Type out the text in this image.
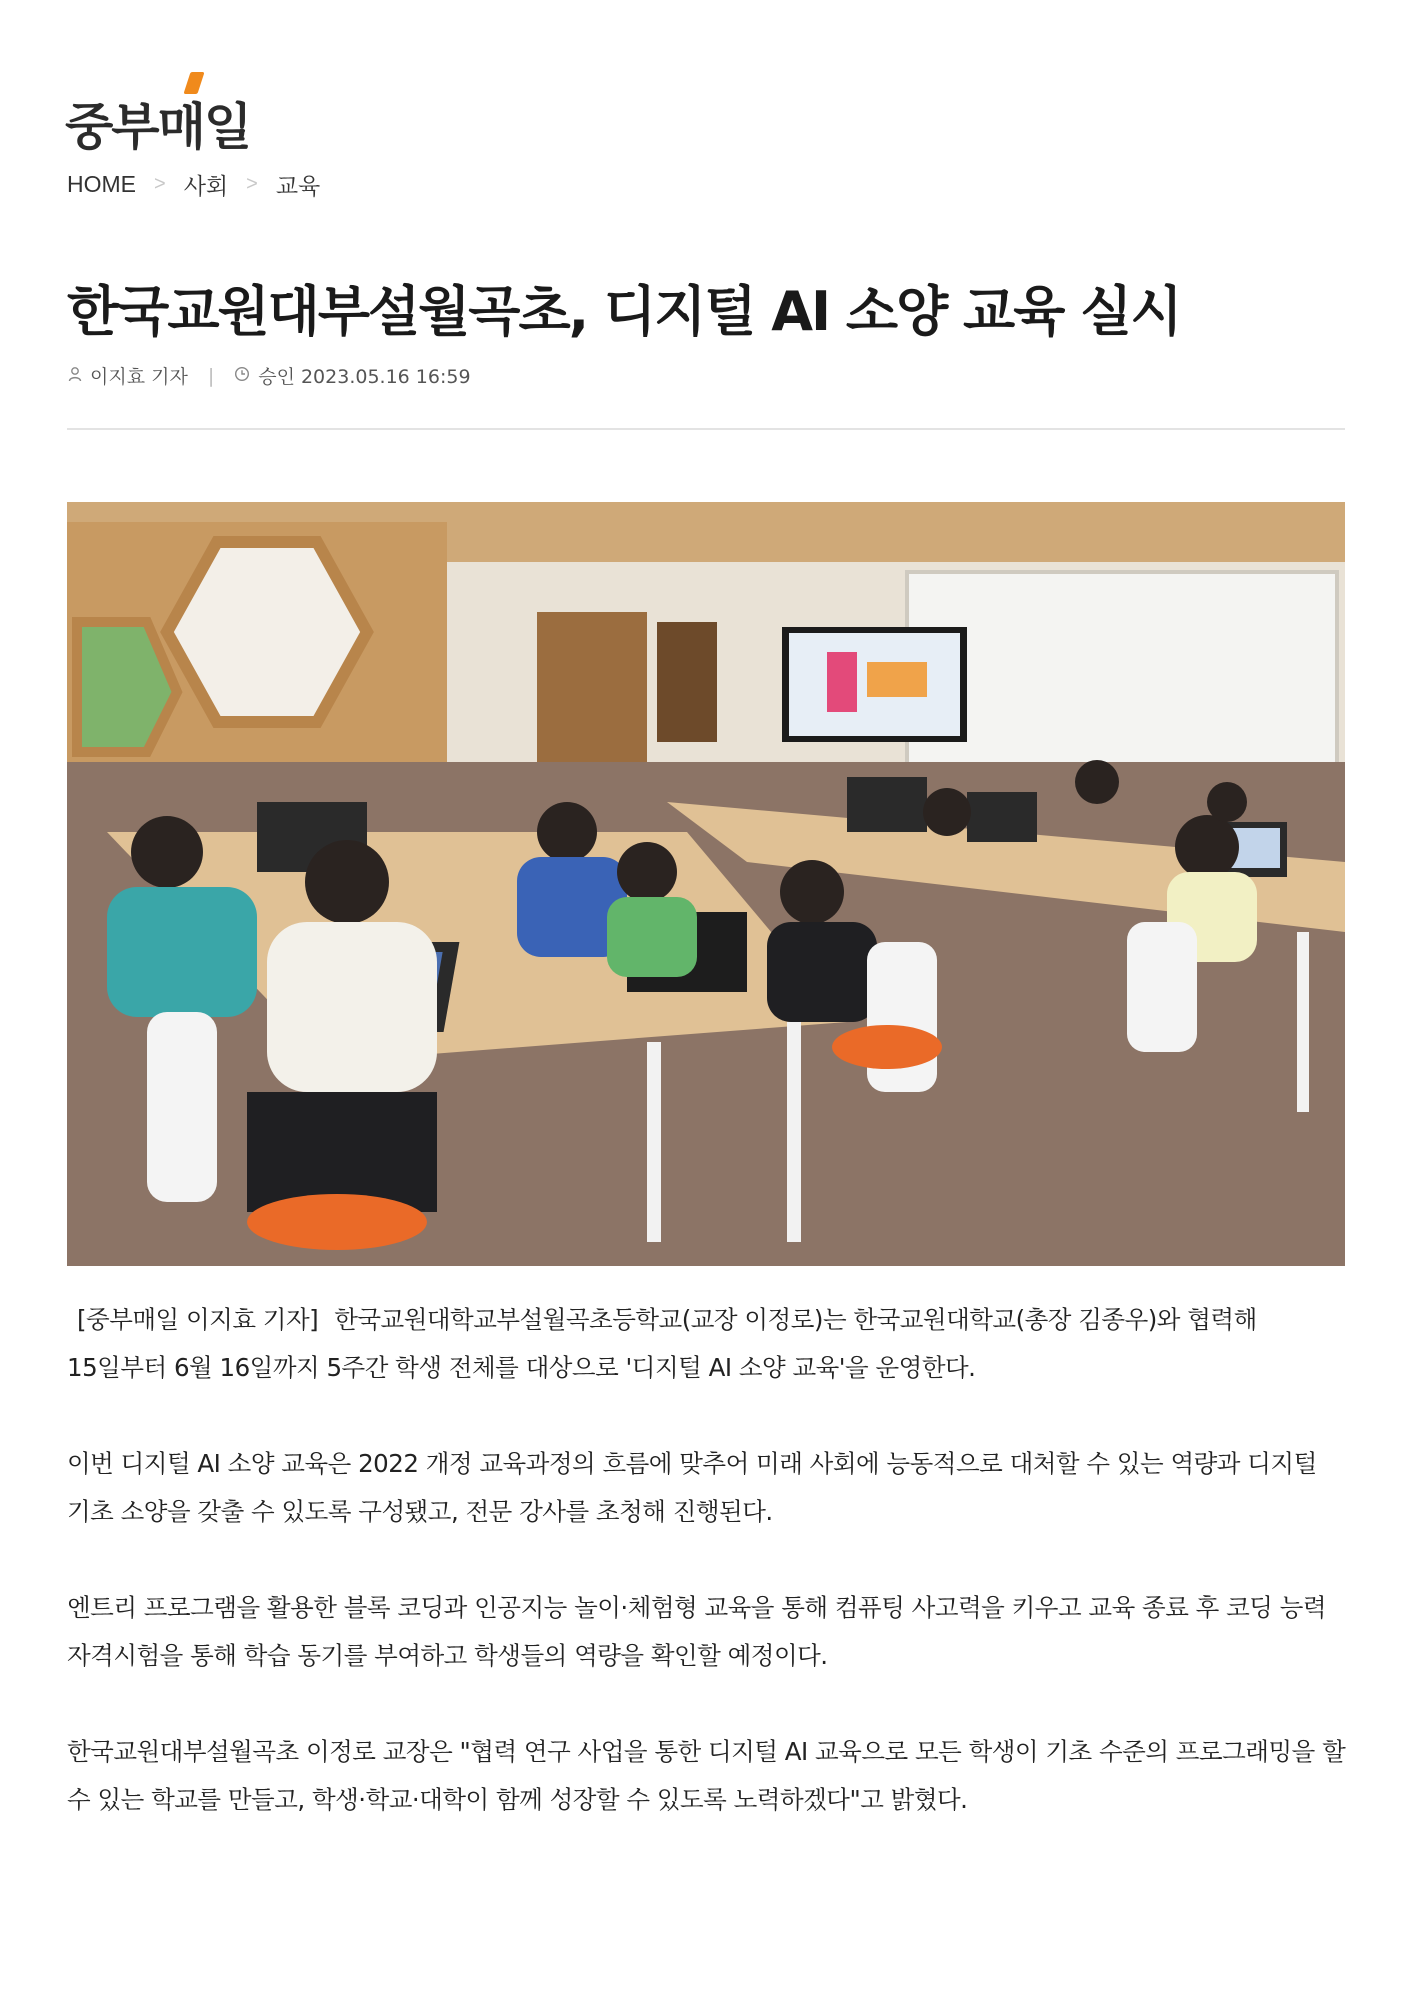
중부매일
HOME > 사회 > 교육
한국교원대부설월곡초, 디지털 AI 소양 교육 실시
이지효 기자 | 승인 2023.05.16 16:59

[중부매일 이지효 기자] 한국교원대학교부설월곡초등학교(교장 이정로)는 한국교원대학교(총장 김종우)와 협력해 15일부터 6월 16일까지 5주간 학생 전체를 대상으로 '디지털 AI 소양 교육'을 운영한다.

이번 디지털 AI 소양 교육은 2022 개정 교육과정의 흐름에 맞추어 미래 사회에 능동적으로 대처할 수 있는 역량과 디지털 기초 소양을 갖출 수 있도록 구성됐고, 전문 강사를 초청해 진행된다.

엔트리 프로그램을 활용한 블록 코딩과 인공지능 놀이·체험형 교육을 통해 컴퓨팅 사고력을 키우고 교육 종료 후 코딩 능력 자격시험을 통해 학습 동기를 부여하고 학생들의 역량을 확인할 예정이다.

한국교원대부설월곡초 이정로 교장은 "협력 연구 사업을 통한 디지털 AI 교육으로 모든 학생이 기초 수준의 프로그래밍을 할 수 있는 학교를 만들고, 학생·학교·대학이 함께 성장할 수 있도록 노력하겠다"고 밝혔다.
